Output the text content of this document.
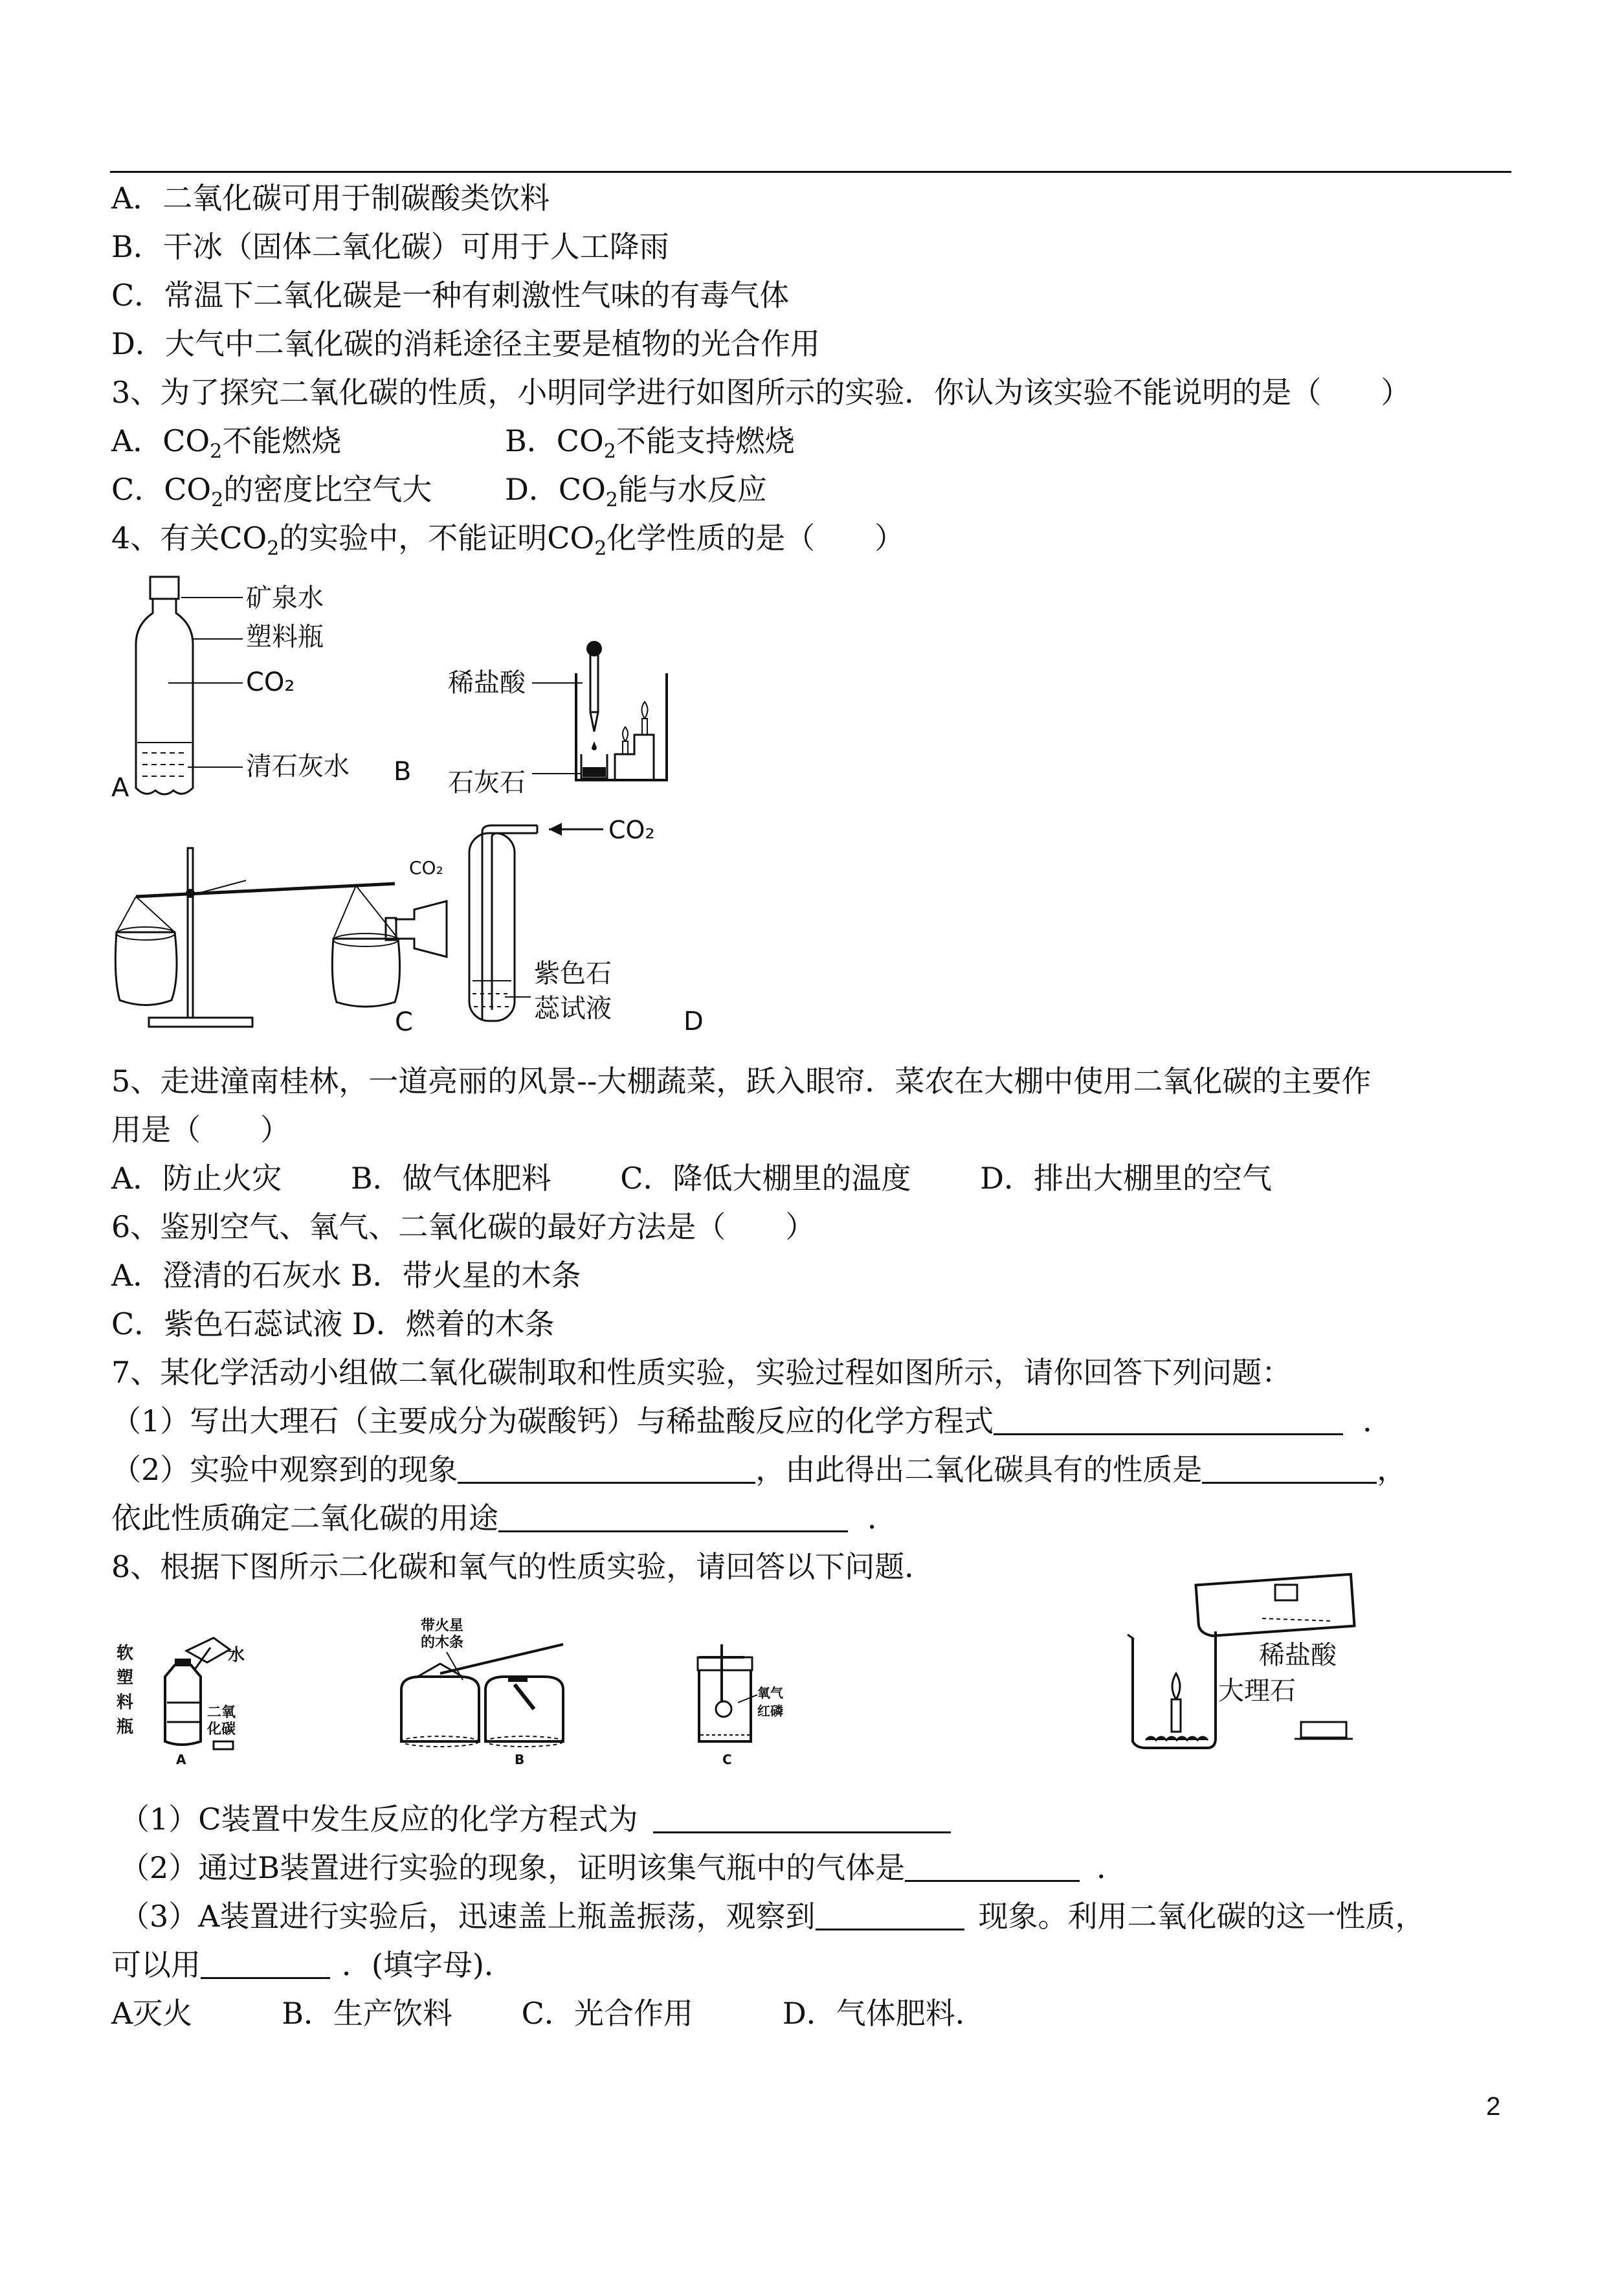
A．二氧化碳可用于制碳酸类饮料
B．干冰（固体二氧化碳）可用于人工降雨
C．常温下二氧化碳是一种有刺激性气味的有毒气体
D．大气中二氧化碳的消耗途径主要是植物的光合作用
3、为了探究二氧化碳的性质，小明同学进行如图所示的实验．你认为该实验不能说明的是（　　）
A．$CO_2$不能燃烧	B．$CO_2$不能支持燃烧
C．$CO_2$的密度比空气大 D．$CO_2$能与水反应
4、有关$CO_2$的实验中，不能证明$CO_2$化学性质的是（　　）
矿泉水
塑料瓶
CO₂
清石灰水
A
B
稀盐酸
石灰石
CO₂
C
CO₂
紫色石
蕊试液	D
5、走进潼南桂林，一道亮丽的风景--大棚蔬菜，跃入眼帘．菜农在大棚中使用二氧化碳的主要作
用是（　　）
A．防止火灾　　 B．做气体肥料　　 C．降低大棚里的温度　　 D．排出大棚里的空气
6、鉴别空气、氧气、二氧化碳的最好方法是（　　）
A．澄清的石灰水 B．带火星的木条
C．紫色石蕊试液 D．燃着的木条
7、某化学活动小组做二氧化碳制取和性质实验，实验过程如图所示，请你回答下列问题：
（1）写出大理石（主要成分为碳酸钙）与稀盐酸反应的化学方程式	．
（2）实验中观察到的现象	，由此得出二氧化碳具有的性质是	，
依此性质确定二氧化碳的用途	．
8、根据下图所示二化碳和氧气的性质实验，请回答以下问题．
软
塑
料
瓶
水
二氧
化碳
A
带火星
的木条
B
氧气
红磷
C
稀盐酸
大理石
（1）C装置中发生反应的化学方程式为
（2）通过B装置进行实验的现象，证明该集气瓶中的气体是	．
（3）A装置进行实验后，迅速盖上瓶盖振荡，观察到	现象。利用二氧化碳的这一性质，
可以用	．(填字母)．
A灭火　　　B．生产饮料　　 C．光合作用　　　D．气体肥料．
2
